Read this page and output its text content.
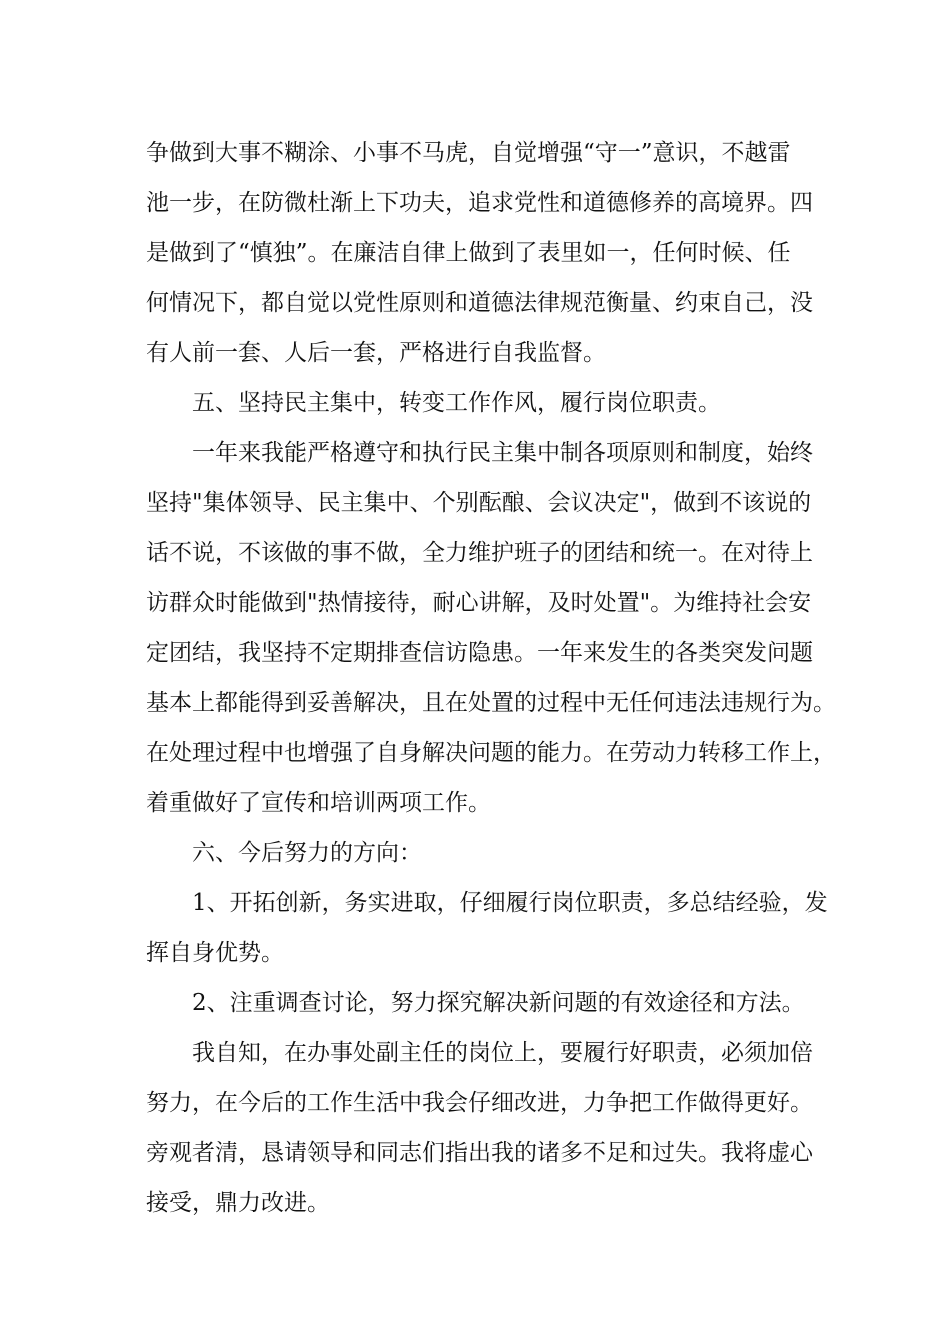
争做到大事不糊涂、小事不马虎，自觉增强“守一”意识，不越雷
池一步，在防微杜渐上下功夫，追求党性和道德修养的高境界。四
是做到了“慎独”。在廉洁自律上做到了表里如一，任何时候、任
何情况下，都自觉以党性原则和道德法律规范衡量、约束自己，没
有人前一套、人后一套，严格进行自我监督。
五、坚持民主集中，转变工作作风，履行岗位职责。
一年来我能严格遵守和执行民主集中制各项原则和制度，始终
坚持"集体领导、民主集中、个别酝酿、会议决定"，做到不该说的
话不说，不该做的事不做，全力维护班子的团结和统一。在对待上
访群众时能做到"热情接待，耐心讲解，及时处置"。为维持社会安
定团结，我坚持不定期排查信访隐患。一年来发生的各类突发问题
基本上都能得到妥善解决，且在处置的过程中无任何违法违规行为。
在处理过程中也增强了自身解决问题的能力。在劳动力转移工作上，
着重做好了宣传和培训两项工作。
六、今后努力的方向：
1、开拓创新，务实进取，仔细履行岗位职责，多总结经验，发
挥自身优势。
2、注重调查讨论，努力探究解决新问题的有效途径和方法。
我自知，在办事处副主任的岗位上，要履行好职责，必须加倍
努力，在今后的工作生活中我会仔细改进，力争把工作做得更好。
旁观者清，恳请领导和同志们指出我的诸多不足和过失。我将虚心
接受，鼎力改进。
